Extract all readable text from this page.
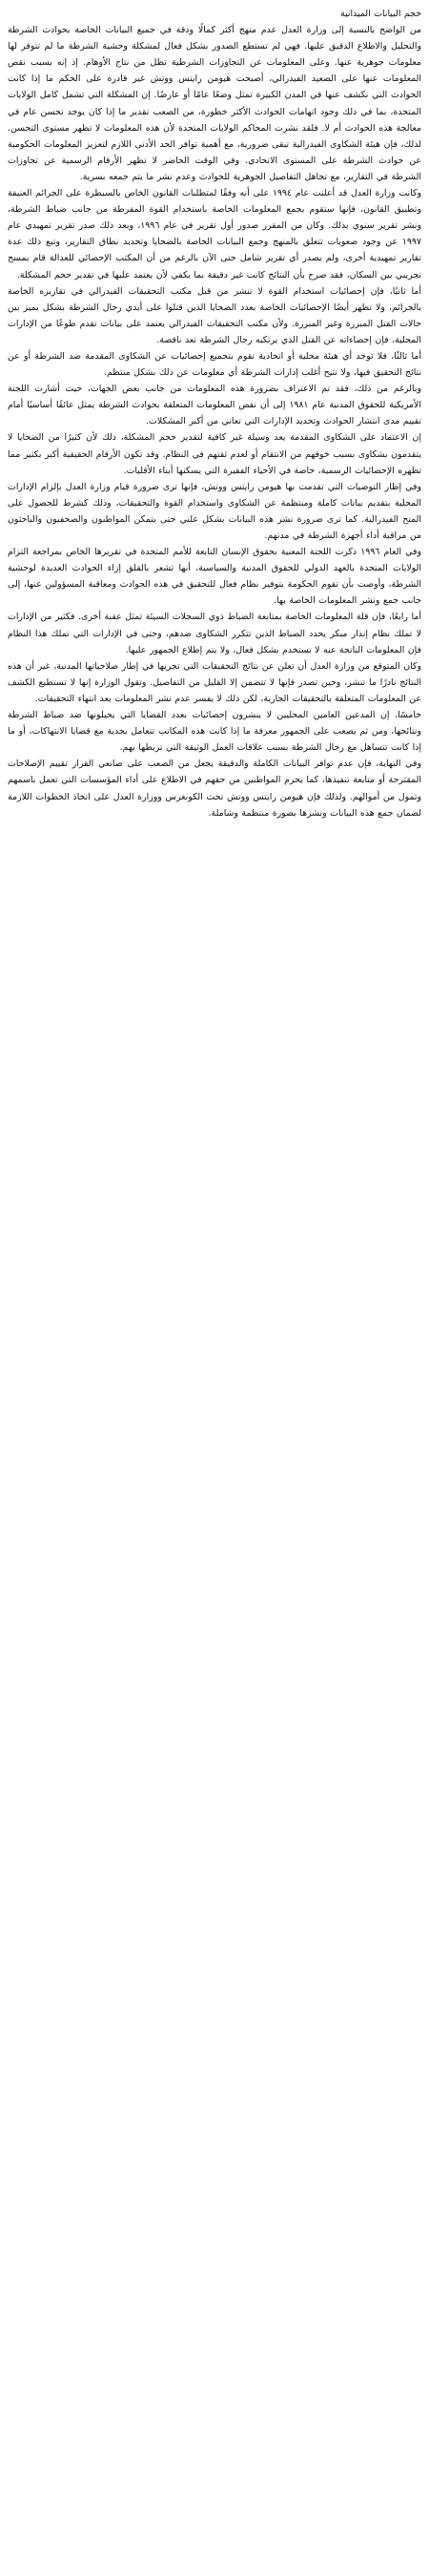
حجم البيانات الميدانية

من الواضح بالنسبة إلى وزارة العدل عدم منهج أكثر كمالًا ودقة في جميع البيانات الخاصة بحوادث الشرطة والتحليل والاطلاع الدقيق عليها. فهي لم تستطع الصدور بشكل فعال لمشكلة وحشية الشرطة ما لم تتوفر لها معلومات جوهرية عنها. وعلى المعلومات عن التجاوزات الشرطية تظل من نتاج الأوهام. إذ إنه بسبب نقص المعلومات عنها على الصعيد الفيدرالي، أصبحت هيومن رايتس ووتش غير قادرة على الحكم ما إذا كانت الحوادث التي نكشف عنها في المدن الكبيرة تمثل وضعًا عامًا أو عارضًا. إن المشكلة التي تشمل كامل الولايات المتحدة، بما في ذلك وجود اتهامات الحوادث الأكثر خطورة، من الصعب تقدير ما إذا كان يوجد تحسن عام في معالجة هذه الحوادث أم لا. فلقد نشرت المحاكم الولايات المتحدة لأن هذه المعلومات لا تظهر مستوى التحسن. لذلك، فإن هيئة الشكاوى الفيدرالية تبقى ضرورية، مع أهمية توافر الحد الأدنى اللازم لتعزيز المعلومات الحكومية عن حوادث الشرطة على المستوى الاتحادي. وفي الوقت الحاضر لا تظهر الأرقام الرسمية عن تجاوزات الشرطة في التقارير، مع تجاهل التفاصيل الجوهرية للحوادث وعدم نشر ما يتم جمعه بسرية.

وكانت وزارة العدل قد أعلنت عام ١٩٩٤ على أنه وفقًا لمتطلبات القانون الخاص بالسيطرة على الجرائم العنيفة وتطبيق القانون، فإنها ستقوم بجمع المعلومات الخاصة باستخدام القوة المفرطة من جانب ضباط الشرطة، ونشر تقرير سنوي بذلك. وكان من المقرر صدور أول تقرير في عام ١٩٩٦، وبعد ذلك صدر تقرير تمهيدي عام ١٩٩٧ عن وجود صعوبات تتعلق بالمنهج وجمع البيانات الخاصة بالضحايا وتحديد نطاق التقارير، وتبع ذلك عدة تقارير تمهيدية أخرى، ولم يصدر أي تقرير شامل حتى الآن بالرغم من أن المكتب الإحصائي للعدالة قام بمسح تجريبي بين السكان، فقد صرح بأن النتائج كانت غير دقيقة بما يكفي لأن يعتمد عليها في تقدير حجم المشكلة.

أما ثانيًا، فإن إحصائيات استخدام القوة لا تنشر من قبل مكتب التحقيقات الفيدرالي في تقاريره الخاصة بالجرائم، ولا تظهر أيضًا الإحصائيات الخاصة بعدد الضحايا الذين قتلوا على أيدي رجال الشرطة بشكل يميز بين حالات القتل المبررة وغير المبررة. ولأن مكتب التحقيقات الفيدرالي يعتمد على بيانات تقدم طوعًا من الإدارات المحلية، فإن إحصاءاته عن القتل الذي يرتكبه رجال الشرطة تعد ناقصة.

أما ثالثًا، فلا توجد أي هيئة محلية أو اتحادية تقوم بتجميع إحصائيات عن الشكاوى المقدمة ضد الشرطة أو عن نتائج التحقيق فيها، ولا تتيح أغلب إدارات الشرطة أي معلومات عن ذلك بشكل منتظم.

وبالرغم من ذلك، فقد تم الاعتراف بضرورة هذه المعلومات من جانب بعض الجهات، حيث أشارت اللجنة الأمريكية للحقوق المدنية عام ١٩٨١ إلى أن نقص المعلومات المتعلقة بحوادث الشرطة يمثل عائقًا أساسيًا أمام تقييم مدى انتشار الحوادث وتحديد الإدارات التي تعاني من أكبر المشكلات.

إن الاعتماد على الشكاوى المقدمة يعد وسيلة غير كافية لتقدير حجم المشكلة، ذلك لأن كثيرًا من الضحايا لا يتقدمون بشكاوى بسبب خوفهم من الانتقام أو لعدم ثقتهم في النظام. وقد تكون الأرقام الحقيقية أكبر بكثير مما تظهره الإحصائيات الرسمية، خاصة في الأحياء الفقيرة التي يسكنها أبناء الأقليات.

وفي إطار التوصيات التي تقدمت بها هيومن رايتس ووتش، فإنها ترى ضرورة قيام وزارة العدل بإلزام الإدارات المحلية بتقديم بيانات كاملة ومنتظمة عن الشكاوى واستخدام القوة والتحقيقات، وذلك كشرط للحصول على المنح الفيدرالية. كما ترى ضرورة نشر هذه البيانات بشكل علني حتى يتمكن المواطنون والصحفيون والباحثون من مراقبة أداء أجهزة الشرطة في مدنهم.

وفي العام ١٩٩٦ ذكرت اللجنة المعنية بحقوق الإنسان التابعة للأمم المتحدة في تقريرها الخاص بمراجعة التزام الولايات المتحدة بالعهد الدولي للحقوق المدنية والسياسية، أنها تشعر بالقلق إزاء الحوادث العديدة لوحشية الشرطة، وأوصت بأن تقوم الحكومة بتوفير نظام فعال للتحقيق في هذه الحوادث ومعاقبة المسؤولين عنها، إلى جانب جمع ونشر المعلومات الخاصة بها.

أما رابعًا، فإن قلة المعلومات الخاصة بمتابعة الضباط ذوي السجلات السيئة تمثل عقبة أخرى. فكثير من الإدارات لا تملك نظام إنذار مبكر يحدد الضباط الذين تتكرر الشكاوى ضدهم، وحتى في الإدارات التي تملك هذا النظام فإن المعلومات الناتجة عنه لا تستخدم بشكل فعال، ولا يتم إطلاع الجمهور عليها.

وكان المتوقع من وزارة العدل أن تعلن عن نتائج التحقيقات التي تجريها في إطار صلاحياتها المدنية، غير أن هذه النتائج نادرًا ما تنشر، وحين تصدر فإنها لا تتضمن إلا القليل من التفاصيل. وتقول الوزارة إنها لا تستطيع الكشف عن المعلومات المتعلقة بالتحقيقات الجارية، لكن ذلك لا يفسر عدم نشر المعلومات بعد انتهاء التحقيقات.

خامسًا، إن المدعين العامين المحليين لا ينشرون إحصائيات بعدد القضايا التي يحيلونها ضد ضباط الشرطة ونتائجها، ومن ثم يصعب على الجمهور معرفة ما إذا كانت هذه المكاتب تتعامل بجدية مع قضايا الانتهاكات، أو ما إذا كانت تتساهل مع رجال الشرطة بسبب علاقات العمل الوثيقة التي تربطها بهم.

وفي النهاية، فإن عدم توافر البيانات الكاملة والدقيقة يجعل من الصعب على صانعي القرار تقييم الإصلاحات المقترحة أو متابعة تنفيذها، كما يحرم المواطنين من حقهم في الاطلاع على أداء المؤسسات التي تعمل باسمهم وتمول من أموالهم. ولذلك فإن هيومن رايتس ووتش تحث الكونغرس ووزارة العدل على اتخاذ الخطوات اللازمة لضمان جمع هذه البيانات ونشرها بصورة منتظمة وشاملة.
